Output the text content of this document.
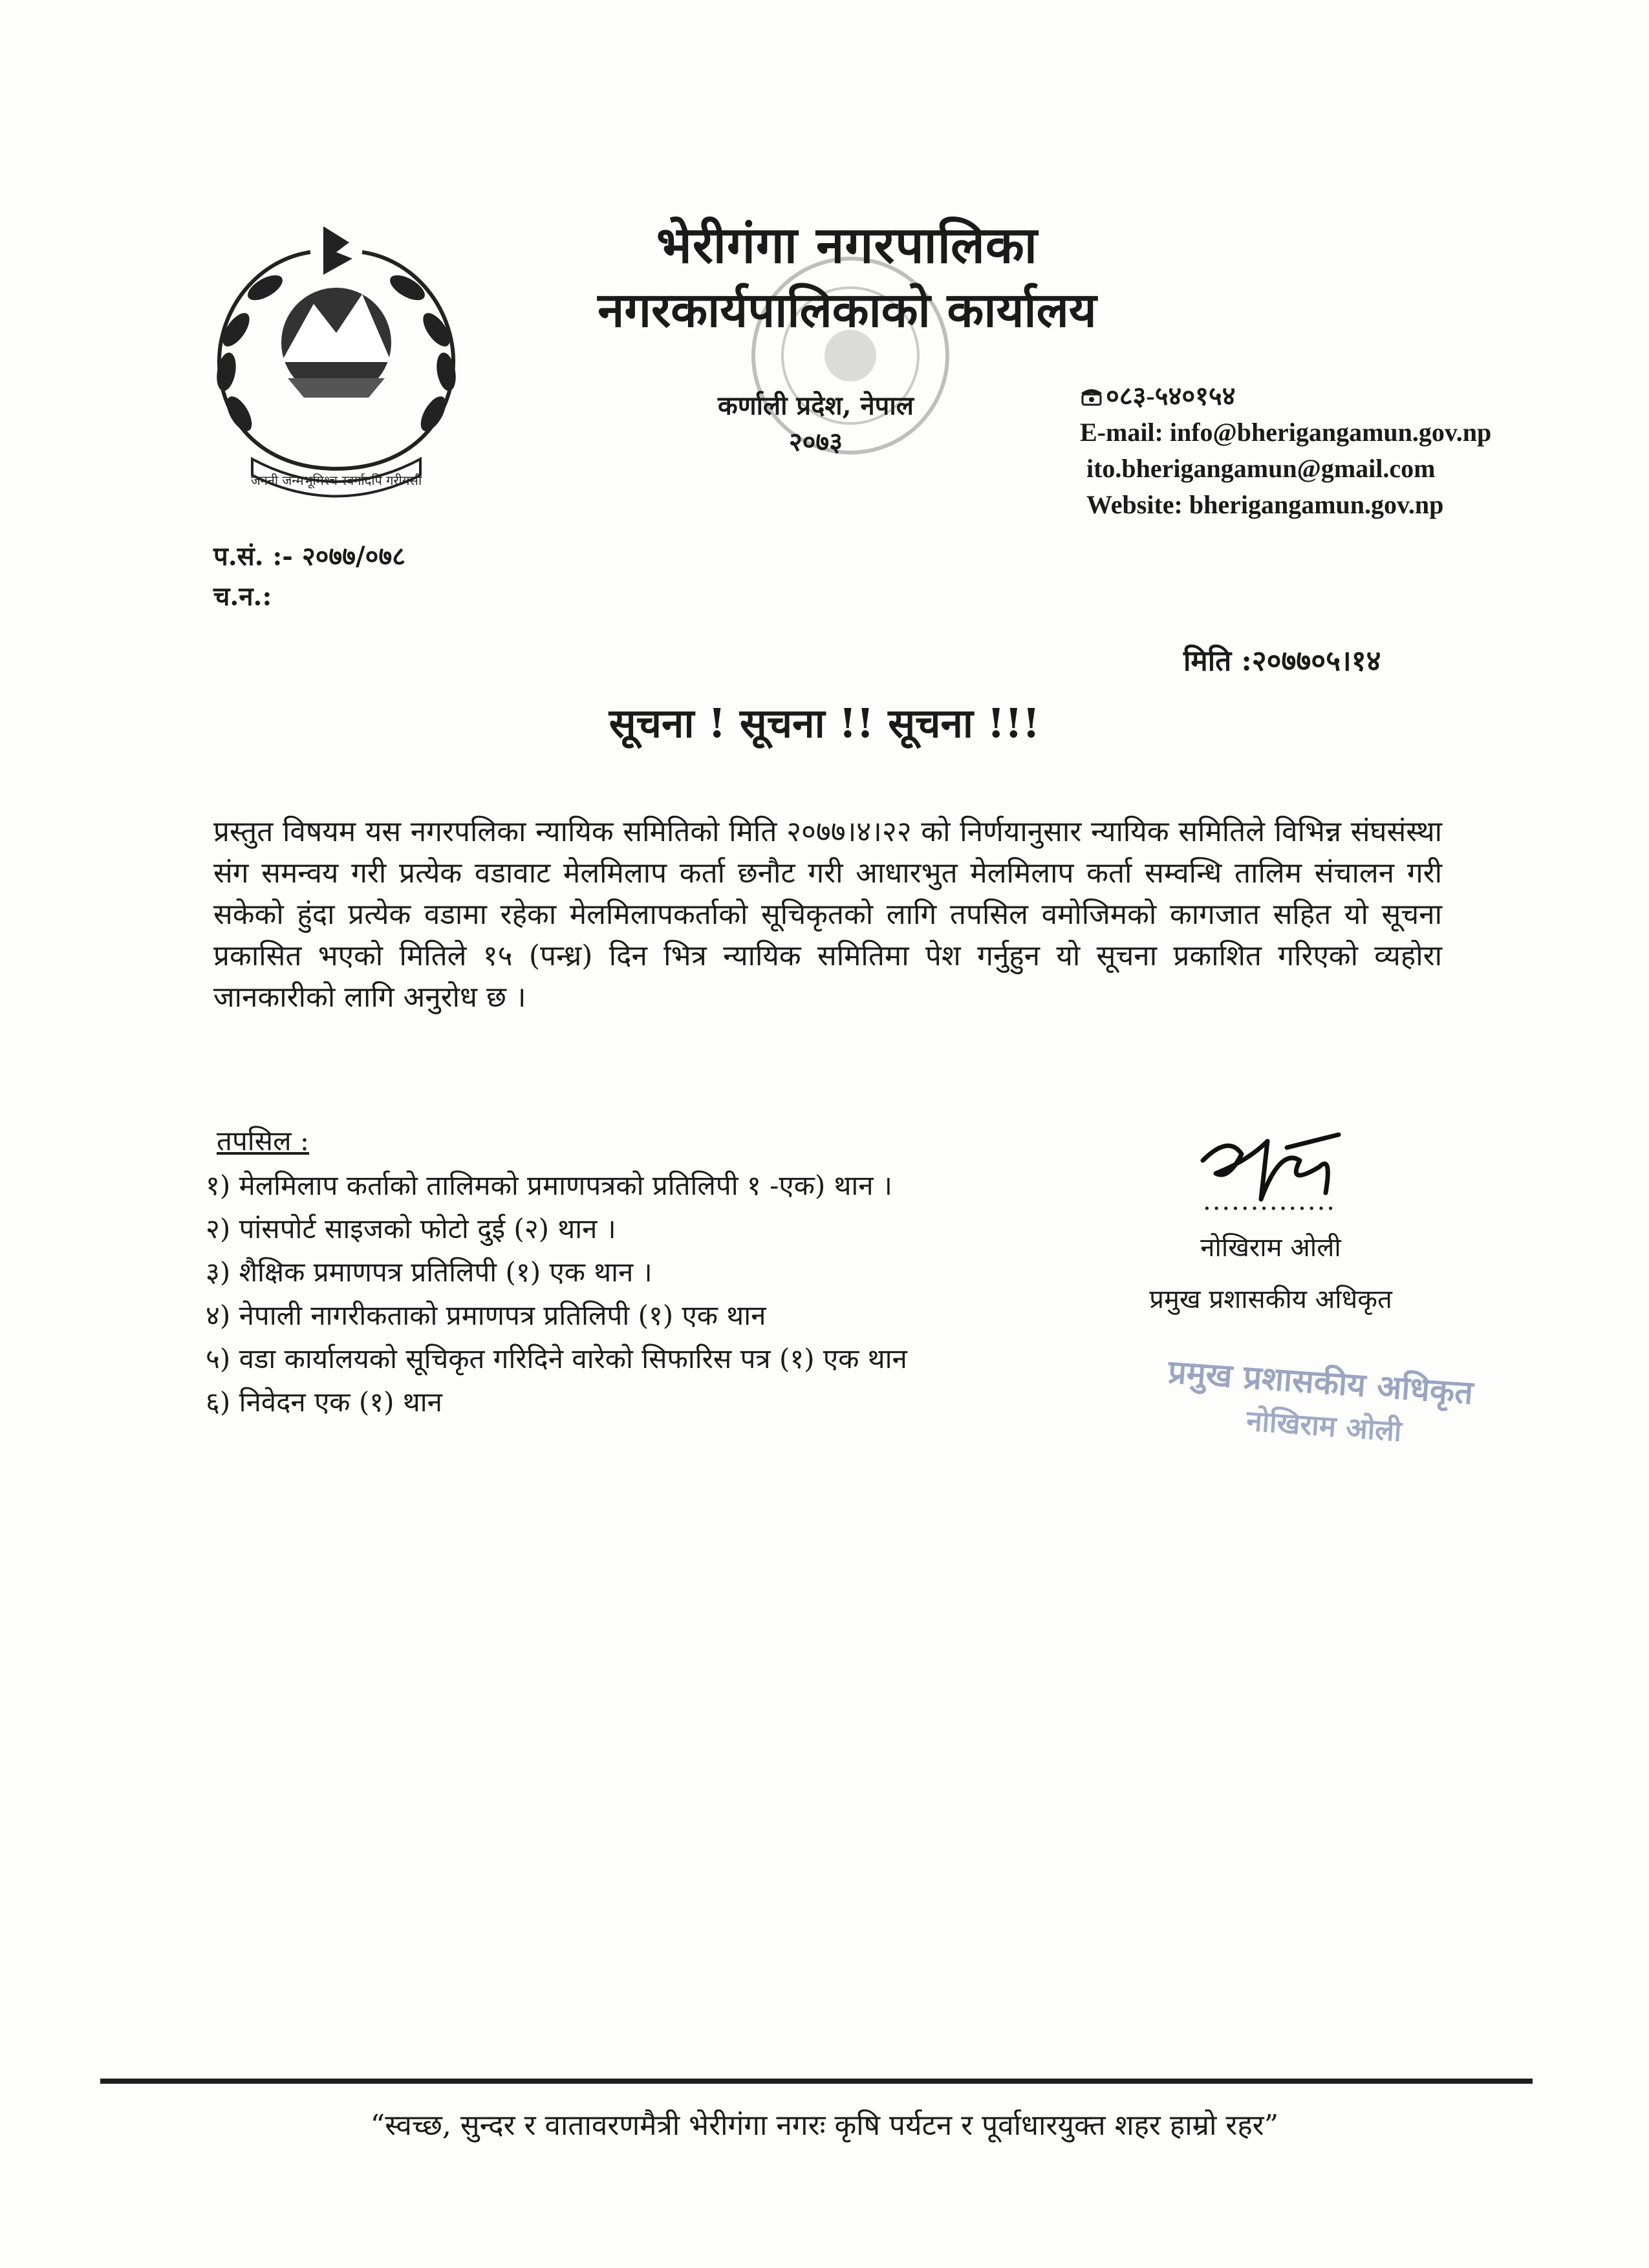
जननी जन्मभूमिश्च स्वर्गादपि गरीयसी
भेरीगंगा नगरपालिका
नगरकार्यपालिकाको कार्यालय
कर्णाली प्रदेश, नेपाल
२०७३
०८३-५४०१५४
E-mail: info@bherigangamun.gov.np
ito.bherigangamun@gmail.com
Website: bherigangamun.gov.np
प.सं. :- २०७७/०७८
च.न.:
मिति :२०७७०५।१४
सूचना ! सूचना !! सूचना !!!
प्रस्तुत विषयम यस नगरपलिका न्यायिक समितिको मिति २०७७।४।२२ को निर्णयानुसार न्यायिक समितिले विभिन्न संघसंस्था संग समन्वय गरी प्रत्येक वडावाट मेलमिलाप कर्ता छनौट गरी आधारभुत मेलमिलाप कर्ता सम्वन्धि तालिम संचालन गरी सकेको हुंदा प्रत्येक वडामा रहेका मेलमिलापकर्ताको सूचिकृतको लागि तपसिल वमोजिमको कागजात सहित यो सूचना प्रकासित भएको मितिले १५ (पन्ध्र) दिन भित्र न्यायिक समितिमा पेश गर्नुहुन यो सूचना प्रकाशित गरिएको व्यहोरा जानकारीको लागि अनुरोध छ ।
तपसिल :
१) मेलमिलाप कर्ताको तालिमको प्रमाणपत्रको प्रतिलिपी १ -एक) थान ।
२) पांसपोर्ट साइजको फोटो दुई (२) थान ।
३) शैक्षिक प्रमाणपत्र प्रतिलिपी (१) एक थान ।
४) नेपाली नागरीकताको प्रमाणपत्र प्रतिलिपी (१) एक थान
५) वडा कार्यालयको सूचिकृत गरिदिने वारेको सिफारिस पत्र (१) एक थान
६) निवेदन एक (१) थान
..............
नोखिराम ओली
प्रमुख प्रशासकीय अधिकृत
प्रमुख प्रशासकीय अधिकृत
नोखिराम ओली
“स्वच्छ, सुन्दर र वातावरणमैत्री भेरीगंगा नगरः कृषि पर्यटन र पूर्वाधारयुक्त शहर हाम्रो रहर”
